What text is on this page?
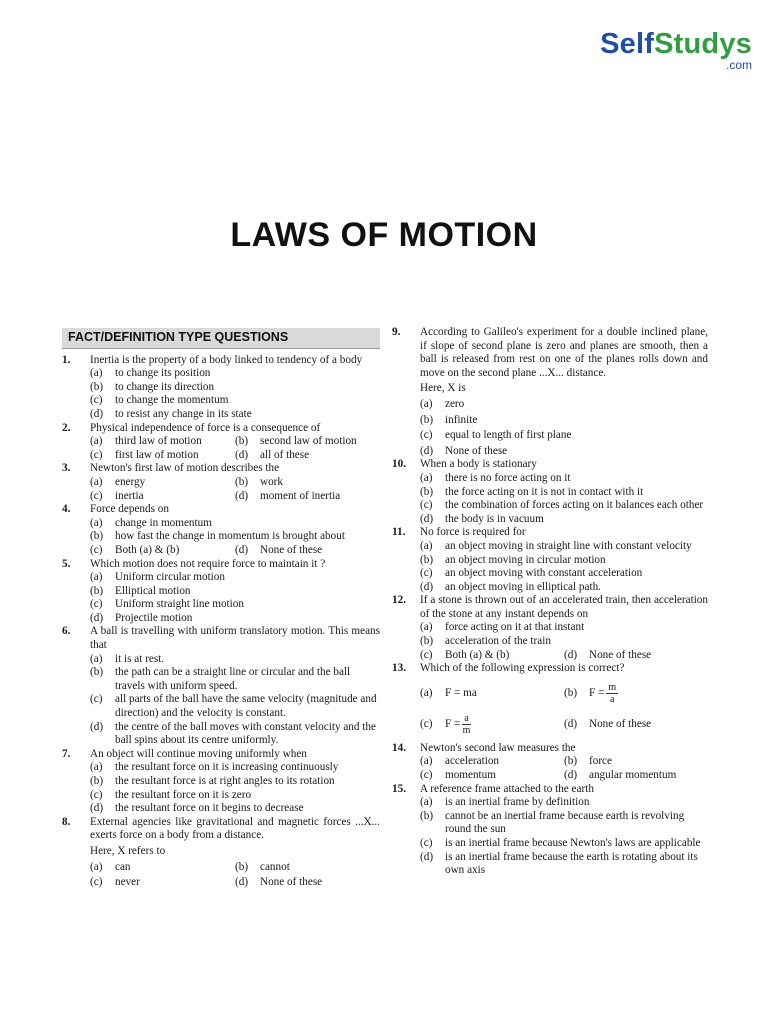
SelfStudys
.com
LAWS OF MOTION
FACT/DEFINITION TYPE QUESTIONS
1.	Inertia is the property of a body linked to tendency of a body
(a)	to change its position
(b)	to change its direction
(c)	to change the momentum
(d)	to resist any change in its state
2.	Physical independence of force is a consequence of
(a)	third law of motion	(b)	second law of motion
(c)	first law of motion	(d)	all of these
3.	Newton's first law of motion describes the
(a)	energy	(b)	work
(c)	inertia	(d)	moment of inertia
4.	Force depends on
(a)	change in momentum
(b)	how fast the change in momentum is brought about
(c)	Both (a) & (b)	(d)	None of these
5.	Which motion does not require force to maintain it ?
(a)	Uniform circular motion
(b)	Elliptical motion
(c)	Uniform straight line motion
(d)	Projectile motion
6.	A ball is travelling with uniform translatory motion. This means that
(a)	it is at rest.
(b)	the path can be a straight line or circular and the ball travels with uniform speed.
(c)	all parts of the ball have the same velocity (magnitude and direction) and the velocity is constant.
(d)	the centre of the ball moves with constant velocity and the ball spins about its centre uniformly.
7.	An object will continue moving uniformly when
(a)	the resultant force on it is increasing continuously
(b)	the resultant force is at right angles to its rotation
(c)	the resultant force on it is zero
(d)	the resultant force on it begins to decrease
8.	External agencies like gravitational and magnetic forces ...X... exerts force on a body from a distance.
Here, X refers to
(a)	can	(b)	cannot
(c)	never	(d)	None of these
9.	According to Galileo's experiment for a double inclined plane, if slope of second plane is zero and planes are smooth, then a ball is released from rest on one of the planes rolls down and move on the second plane ...X... distance.
Here, X is
(a)	zero
(b)	infinite
(c)	equal to length of first plane
(d)	None of these
10.	When a body is stationary
(a)	there is no force acting on it
(b)	the force acting on it is not in contact with it
(c)	the combination of forces acting on it balances each other
(d)	the body is in vacuum
11.	No force is required for
(a)	an object moving in straight line with constant velocity
(b)	an object moving in circular motion
(c)	an object moving with constant acceleration
(d)	an object moving in elliptical path.
12.	If a stone is thrown out of an accelerated train, then acceleration of the stone at any instant depends on
(a)	force acting on it at that instant
(b)	acceleration of the train
(c)	Both (a) & (b)	(d)	None of these
13.	Which of the following expression is correct?
(a)	F = ma	(b)	$F = \frac{m}{a}$
(c)	$F = \frac{a}{m}$	(d)	None of these
14.	Newton's second law measures the
(a)	acceleration	(b)	force
(c)	momentum	(d)	angular momentum
15.	A reference frame attached to the earth
(a)	is an inertial frame by definition
(b)	cannot be an inertial frame because earth is revolving round the sun
(c)	is an inertial frame because Newton's laws are applicable
(d)	is an inertial frame because the earth is rotating about its own axis
